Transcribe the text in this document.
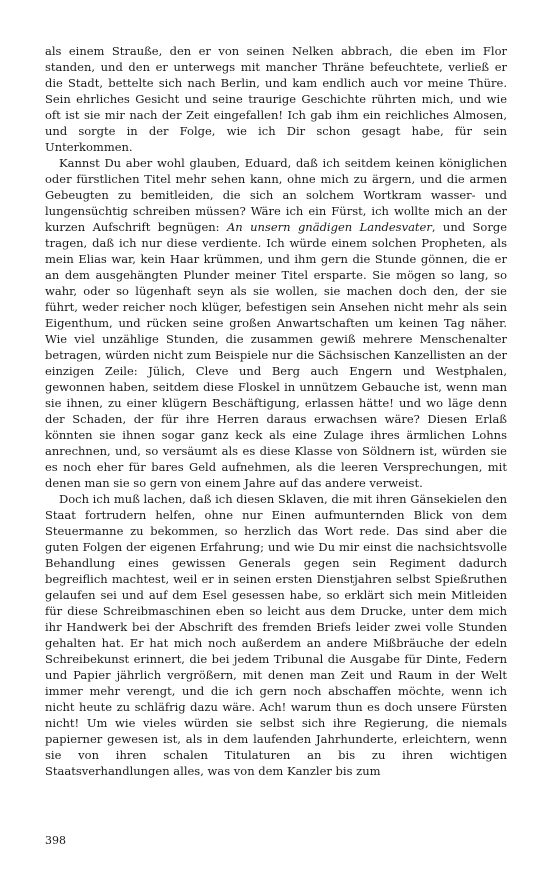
als einem Strauße, den er von seinen Nelken abbrach, die eben im Flor standen, und den er unterwegs mit mancher Thräne befeuchtete, verließ er die Stadt, bettelte sich nach Berlin, und kam endlich auch vor meine Thüre. Sein ehrliches Gesicht und seine traurige Geschichte rührten mich, und wie oft ist sie mir nach der Zeit eingefallen! Ich gab ihm ein reichliches Almosen, und sorgte in der Folge, wie ich Dir schon gesagt habe, für sein Unterkommen.

Kannst Du aber wohl glauben, Eduard, daß ich seitdem keinen königlichen oder fürstlichen Titel mehr sehen kann, ohne mich zu ärgern, und die armen Gebeugten zu bemitleiden, die sich an solchem Wortkram wasser- und lungensüchtig schreiben müssen? Wäre ich ein Fürst, ich wollte mich an der kurzen Aufschrift begnügen: An unsern gnädigen Landesvater, und Sorge tragen, daß ich nur diese verdiente. Ich würde einem solchen Propheten, als mein Elias war, kein Haar krümmen, und ihm gern die Stunde gönnen, die er an dem ausgehängten Plunder meiner Titel ersparte. Sie mögen so lang, so wahr, oder so lügenhaft seyn als sie wollen, sie machen doch den, der sie führt, weder reicher noch klüger, befestigen sein Ansehen nicht mehr als sein Eigenthum, und rücken seine großen Anwartschaften um keinen Tag näher. Wie viel unzählige Stunden, die zusammen gewiß mehrere Menschenalter betragen, würden nicht zum Beispiele nur die Sächsischen Kanzellisten an der einzigen Zeile: Jülich, Cleve und Berg auch Engern und Westphalen, gewonnen haben, seitdem diese Floskel in unnützem Gebauche ist, wenn man sie ihnen, zu einer klügern Beschäftigung, erlassen hätte! und wo läge denn der Schaden, der für ihre Herren daraus erwachsen wäre? Diesen Erlaß könnten sie ihnen sogar ganz keck als eine Zulage ihres ärmlichen Lohns anrechnen, und, so versäumt als es diese Klasse von Söldnern ist, würden sie es noch eher für bares Geld aufnehmen, als die leeren Versprechungen, mit denen man sie so gern von einem Jahre auf das andere verweist.

Doch ich muß lachen, daß ich diesen Sklaven, die mit ihren Gänsekielen den Staat fortrudern helfen, ohne nur Einen aufmunternden Blick von dem Steuermanne zu bekommen, so herzlich das Wort rede. Das sind aber die guten Folgen der eigenen Erfahrung; und wie Du mir einst die nachsichtsvolle Behandlung eines gewissen Generals gegen sein Regiment dadurch begreiflich machtest, weil er in seinen ersten Dienstjahren selbst Spießruthen gelaufen sei und auf dem Esel gesessen habe, so erklärt sich mein Mitleiden für diese Schreibmaschinen eben so leicht aus dem Drucke, unter dem mich ihr Handwerk bei der Abschrift des fremden Briefs leider zwei volle Stunden gehalten hat. Er hat mich noch außerdem an andere Mißbräuche der edeln Schreibekunst erinnert, die bei jedem Tribunal die Ausgabe für Dinte, Federn und Papier jährlich vergrößern, mit denen man Zeit und Raum in der Welt immer mehr verengt, und die ich gern noch abschaffen möchte, wenn ich nicht heute zu schläfrig dazu wäre. Ach! warum thun es doch unsere Fürsten nicht! Um wie vieles würden sie selbst sich ihre Regierung, die niemals papierner gewesen ist, als in dem laufenden Jahrhunderte, erleichtern, wenn sie von ihren schalen Titulaturen an bis zu ihren wichtigen Staatsverhandlungen alles, was von dem Kanzler bis zum

398
